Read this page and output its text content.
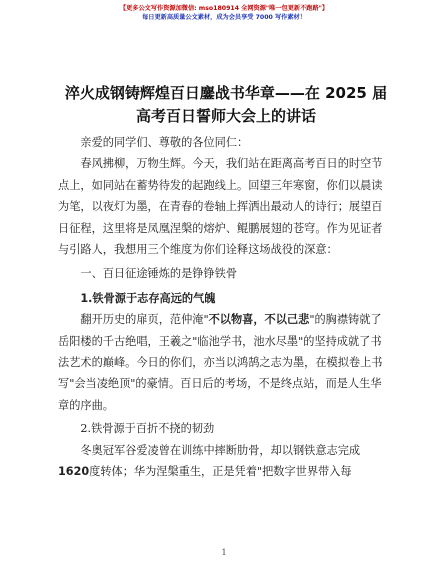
【更多公文写作资源加微信: mso180914 全网资源"唯一包更新不跑路"】
每日更新高质量公文素材，成为会员享受 7000 写作素材！
淬火成钢铸辉煌百日鏖战书华章——在 2025 届高考百日誓师大会上的讲话

亲爱的同学们、尊敬的各位同仁：

春风拂柳，万物生辉。今天，我们站在距离高考百日的时空节点上，如同站在蓄势待发的起跑线上。回望三年寒窗，你们以晨读为笔，以夜灯为墨，在青春的卷轴上挥洒出最动人的诗行；展望百日征程，这里将是凤凰涅槃的熔炉、鲲鹏展翅的苍穹。作为见证者与引路人，我想用三个维度为你们诠释这场战役的深意：

一、百日征途锤炼的是铮铮铁骨

1.铁骨源于志存高远的气魄

翻开历史的扉页，范仲淹"不以物喜，不以己悲"的胸襟铸就了岳阳楼的千古绝唱，王羲之"临池学书，池水尽墨"的坚持成就了书法艺术的巅峰。今日的你们，亦当以鸿鹄之志为墨，在模拟卷上书写"会当凌绝顶"的豪情。百日后的考场，不是终点站，而是人生华章的序曲。

2.铁骨源于百折不挠的韧劲

冬奥冠军谷爱凌曾在训练中摔断肋骨，却以钢铁意志完成1620度转体；华为涅槃重生，正是凭着"把数字世界带入每

1
